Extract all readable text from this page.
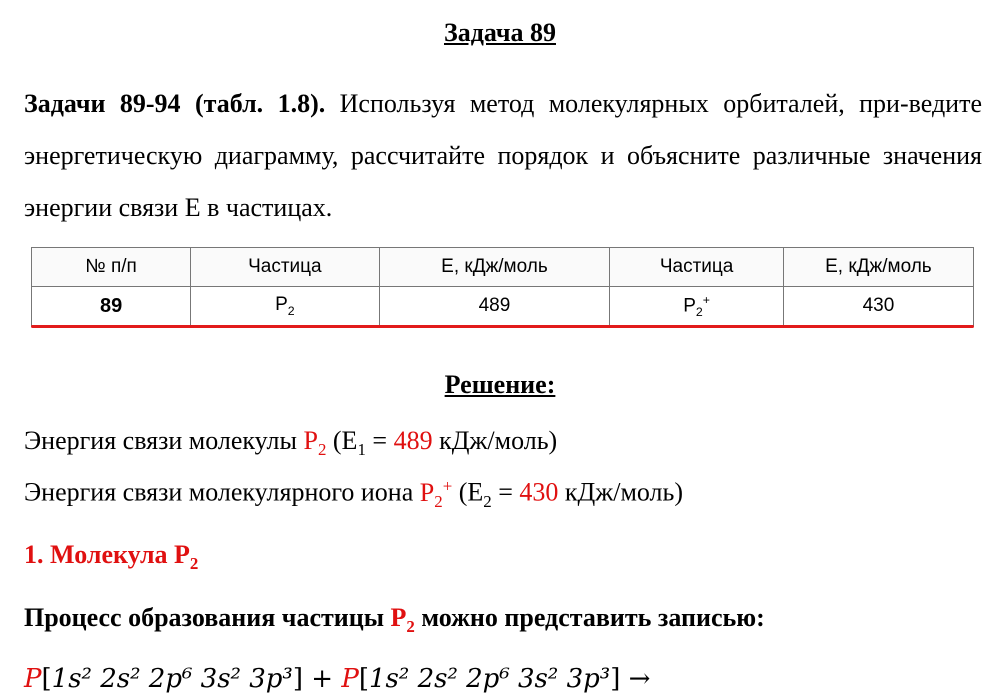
Задача 89
Задачи 89-94 (табл. 1.8). Используя метод молекулярных орбиталей, при-ведите энергетическую диаграмму, рассчитайте порядок и объясните различные значения энергии связи Е в частицах.
№ п/п	Частица	E, кДж/моль	Частица	E, кДж/моль
89	$P_2$	489	$P_2^+$	430
Решение:
Энергия связи молекулы $P_2$ ($E_1 = 489$ кДж/моль)
Энергия связи молекулярного иона $P_2^+$ ($E_2 = 430$ кДж/моль)
1. Молекула $P_2$
Процесс образования частицы $P_2$ можно представить записью:
P[1s² 2s² 2p⁶ 3s² 3p³] + P[1s² 2s² 2p⁶ 3s² 3p³] →
